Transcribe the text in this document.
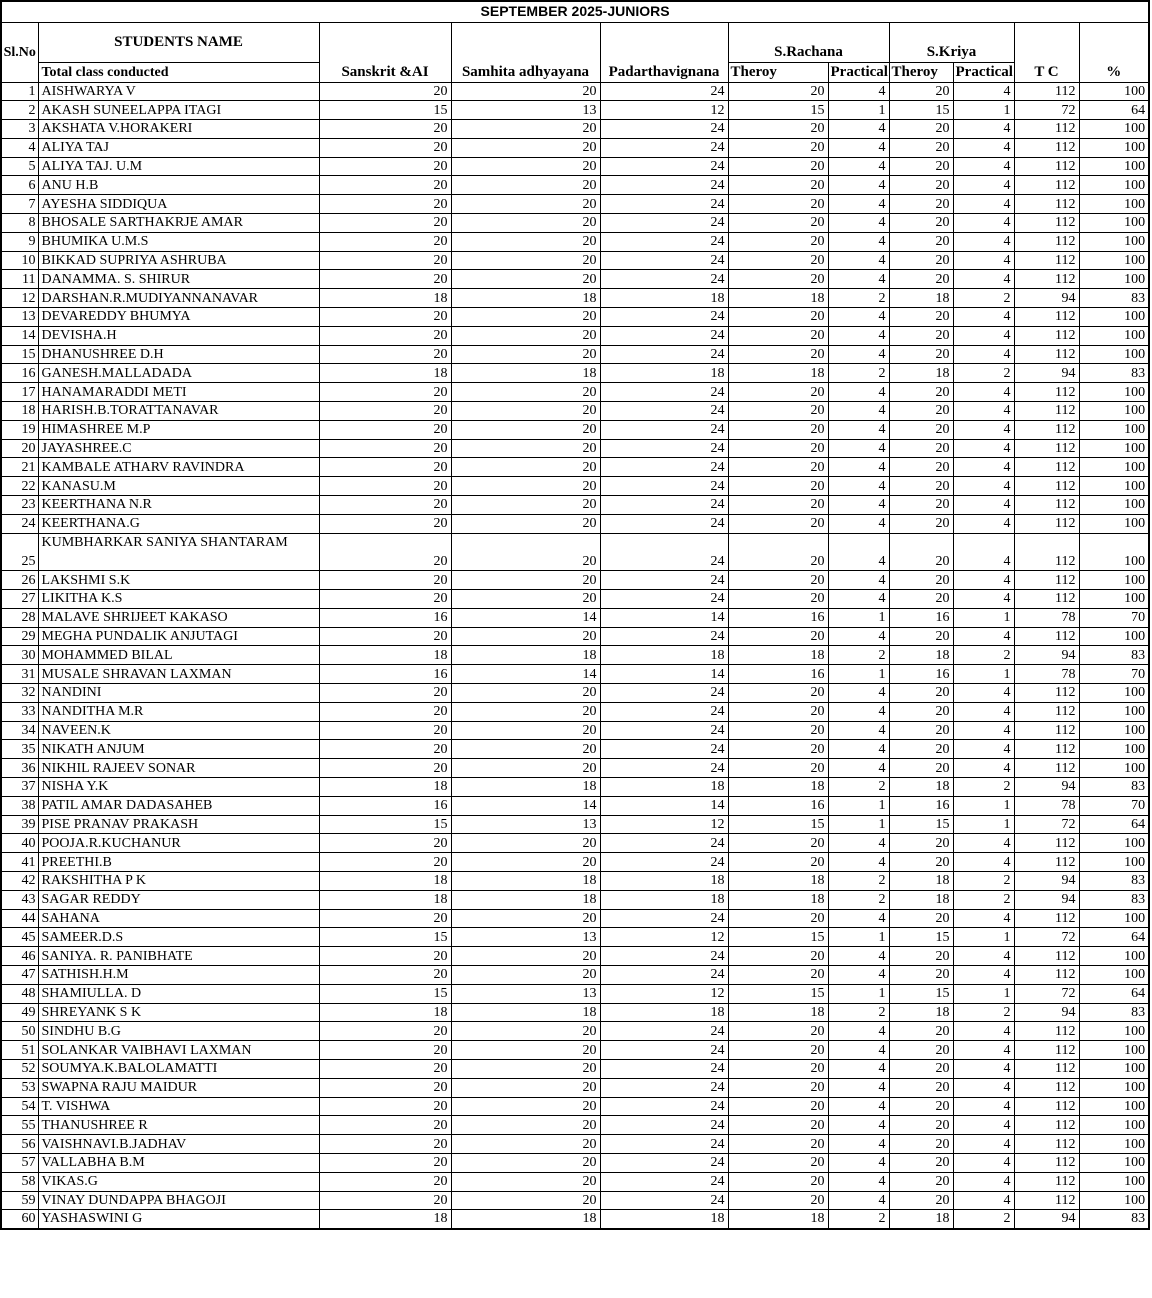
SEPTEMBER 2025-JUNIORS										
Sl.No	STUDENTS NAME	Sanskrit &AI	Samhita adhyayana	Padarthavignana	S.Rachana		S.Kriya		T C	%
	Total class conducted				Theroy	Practical	Theroy	Practical		
1	AISHWARYA V	20	20	24	20	4	20	4	112	100
2	AKASH SUNEELAPPA ITAGI	15	13	12	15	1	15	1	72	64
3	AKSHATA V.HORAKERI	20	20	24	20	4	20	4	112	100
4	ALIYA TAJ	20	20	24	20	4	20	4	112	100
5	ALIYA TAJ. U.M	20	20	24	20	4	20	4	112	100
6	ANU H.B	20	20	24	20	4	20	4	112	100
7	AYESHA SIDDIQUA	20	20	24	20	4	20	4	112	100
8	BHOSALE SARTHAKRJE AMAR	20	20	24	20	4	20	4	112	100
9	BHUMIKA U.M.S	20	20	24	20	4	20	4	112	100
10	BIKKAD SUPRIYA ASHRUBA	20	20	24	20	4	20	4	112	100
11	DANAMMA. S. SHIRUR	20	20	24	20	4	20	4	112	100
12	DARSHAN.R.MUDIYANNANAVAR	18	18	18	18	2	18	2	94	83
13	DEVAREDDY BHUMYA	20	20	24	20	4	20	4	112	100
14	DEVISHA.H	20	20	24	20	4	20	4	112	100
15	DHANUSHREE D.H	20	20	24	20	4	20	4	112	100
16	GANESH.MALLADADA	18	18	18	18	2	18	2	94	83
17	HANAMARADDI METI	20	20	24	20	4	20	4	112	100
18	HARISH.B.TORATTANAVAR	20	20	24	20	4	20	4	112	100
19	HIMASHREE M.P	20	20	24	20	4	20	4	112	100
20	JAYASHREE.C	20	20	24	20	4	20	4	112	100
21	KAMBALE ATHARV RAVINDRA	20	20	24	20	4	20	4	112	100
22	KANASU.M	20	20	24	20	4	20	4	112	100
23	KEERTHANA N.R	20	20	24	20	4	20	4	112	100
24	KEERTHANA.G	20	20	24	20	4	20	4	112	100
25	KUMBHARKAR SANIYA SHANTARAM	20	20	24	20	4	20	4	112	100
26	LAKSHMI S.K	20	20	24	20	4	20	4	112	100
27	LIKITHA K.S	20	20	24	20	4	20	4	112	100
28	MALAVE SHRIJEET KAKASO	16	14	14	16	1	16	1	78	70
29	MEGHA PUNDALIK ANJUTAGI	20	20	24	20	4	20	4	112	100
30	MOHAMMED BILAL	18	18	18	18	2	18	2	94	83
31	MUSALE SHRAVAN LAXMAN	16	14	14	16	1	16	1	78	70
32	NANDINI	20	20	24	20	4	20	4	112	100
33	NANDITHA M.R	20	20	24	20	4	20	4	112	100
34	NAVEEN.K	20	20	24	20	4	20	4	112	100
35	NIKATH ANJUM	20	20	24	20	4	20	4	112	100
36	NIKHIL RAJEEV SONAR	20	20	24	20	4	20	4	112	100
37	NISHA Y.K	18	18	18	18	2	18	2	94	83
38	PATIL AMAR DADASAHEB	16	14	14	16	1	16	1	78	70
39	PISE PRANAV PRAKASH	15	13	12	15	1	15	1	72	64
40	POOJA.R.KUCHANUR	20	20	24	20	4	20	4	112	100
41	PREETHI.B	20	20	24	20	4	20	4	112	100
42	RAKSHITHA P K	18	18	18	18	2	18	2	94	83
43	SAGAR REDDY	18	18	18	18	2	18	2	94	83
44	SAHANA	20	20	24	20	4	20	4	112	100
45	SAMEER.D.S	15	13	12	15	1	15	1	72	64
46	SANIYA. R. PANIBHATE	20	20	24	20	4	20	4	112	100
47	SATHISH.H.M	20	20	24	20	4	20	4	112	100
48	SHAMIULLA. D	15	13	12	15	1	15	1	72	64
49	SHREYANK S K	18	18	18	18	2	18	2	94	83
50	SINDHU B.G	20	20	24	20	4	20	4	112	100
51	SOLANKAR VAIBHAVI LAXMAN	20	20	24	20	4	20	4	112	100
52	SOUMYA.K.BALOLAMATTI	20	20	24	20	4	20	4	112	100
53	SWAPNA RAJU MAIDUR	20	20	24	20	4	20	4	112	100
54	T. VISHWA	20	20	24	20	4	20	4	112	100
55	THANUSHREE R	20	20	24	20	4	20	4	112	100
56	VAISHNAVI.B.JADHAV	20	20	24	20	4	20	4	112	100
57	VALLABHA B.M	20	20	24	20	4	20	4	112	100
58	VIKAS.G	20	20	24	20	4	20	4	112	100
59	VINAY DUNDAPPA BHAGOJI	20	20	24	20	4	20	4	112	100
60	YASHASWINI G	18	18	18	18	2	18	2	94	83
